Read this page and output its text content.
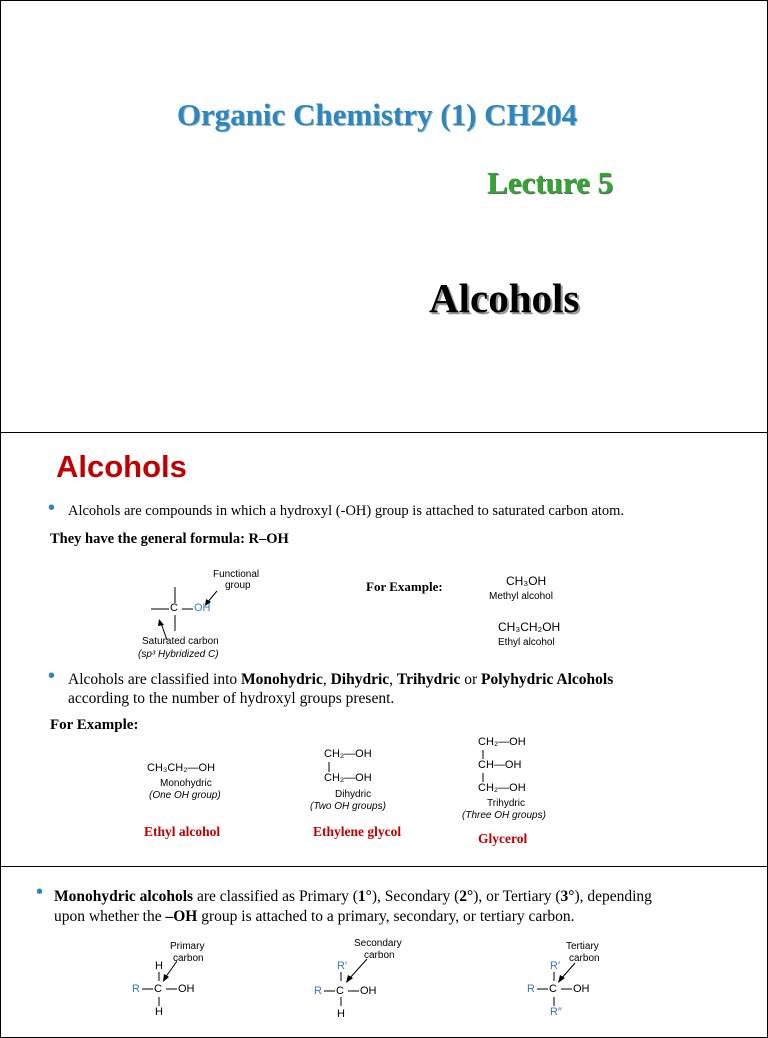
Organic Chemistry (1) CH204
Lecture 5
Alcohols
Alcohols
• Alcohols are compounds in which a hydroxyl (-OH) group is attached to saturated carbon atom.
They have the general formula: R–OH
Functional
group
C OH
Saturated carbon
(sp³ Hybridized C)
For Example:	CH₃OH
Methyl alcohol
CH₃CH₂OH
Ethyl alcohol
• Alcohols are classified into Monohydric, Dihydric, Trihydric or Polyhydric Alcohols
according to the number of hydroxyl groups present.
For Example:
CH₃CH₂—OH
Monohydric
(One OH group)
Ethyl alcohol
CH₂—OH
CH₂—OH
Dihydric
(Two OH groups)
Ethylene glycol
CH₂—OH
CH—OH
CH₂—OH
Trihydric
(Three OH groups)
Glycerol
• Monohydric alcohols are classified as Primary (1°), Secondary (2°), or Tertiary (3°), depending
upon whether the –OH group is attached to a primary, secondary, or tertiary carbon.
Primary
carbon
H
R C OH
H
Secondary
carbon
R′
R C OH
H
Tertiary
carbon
R′
R C OH
R″
